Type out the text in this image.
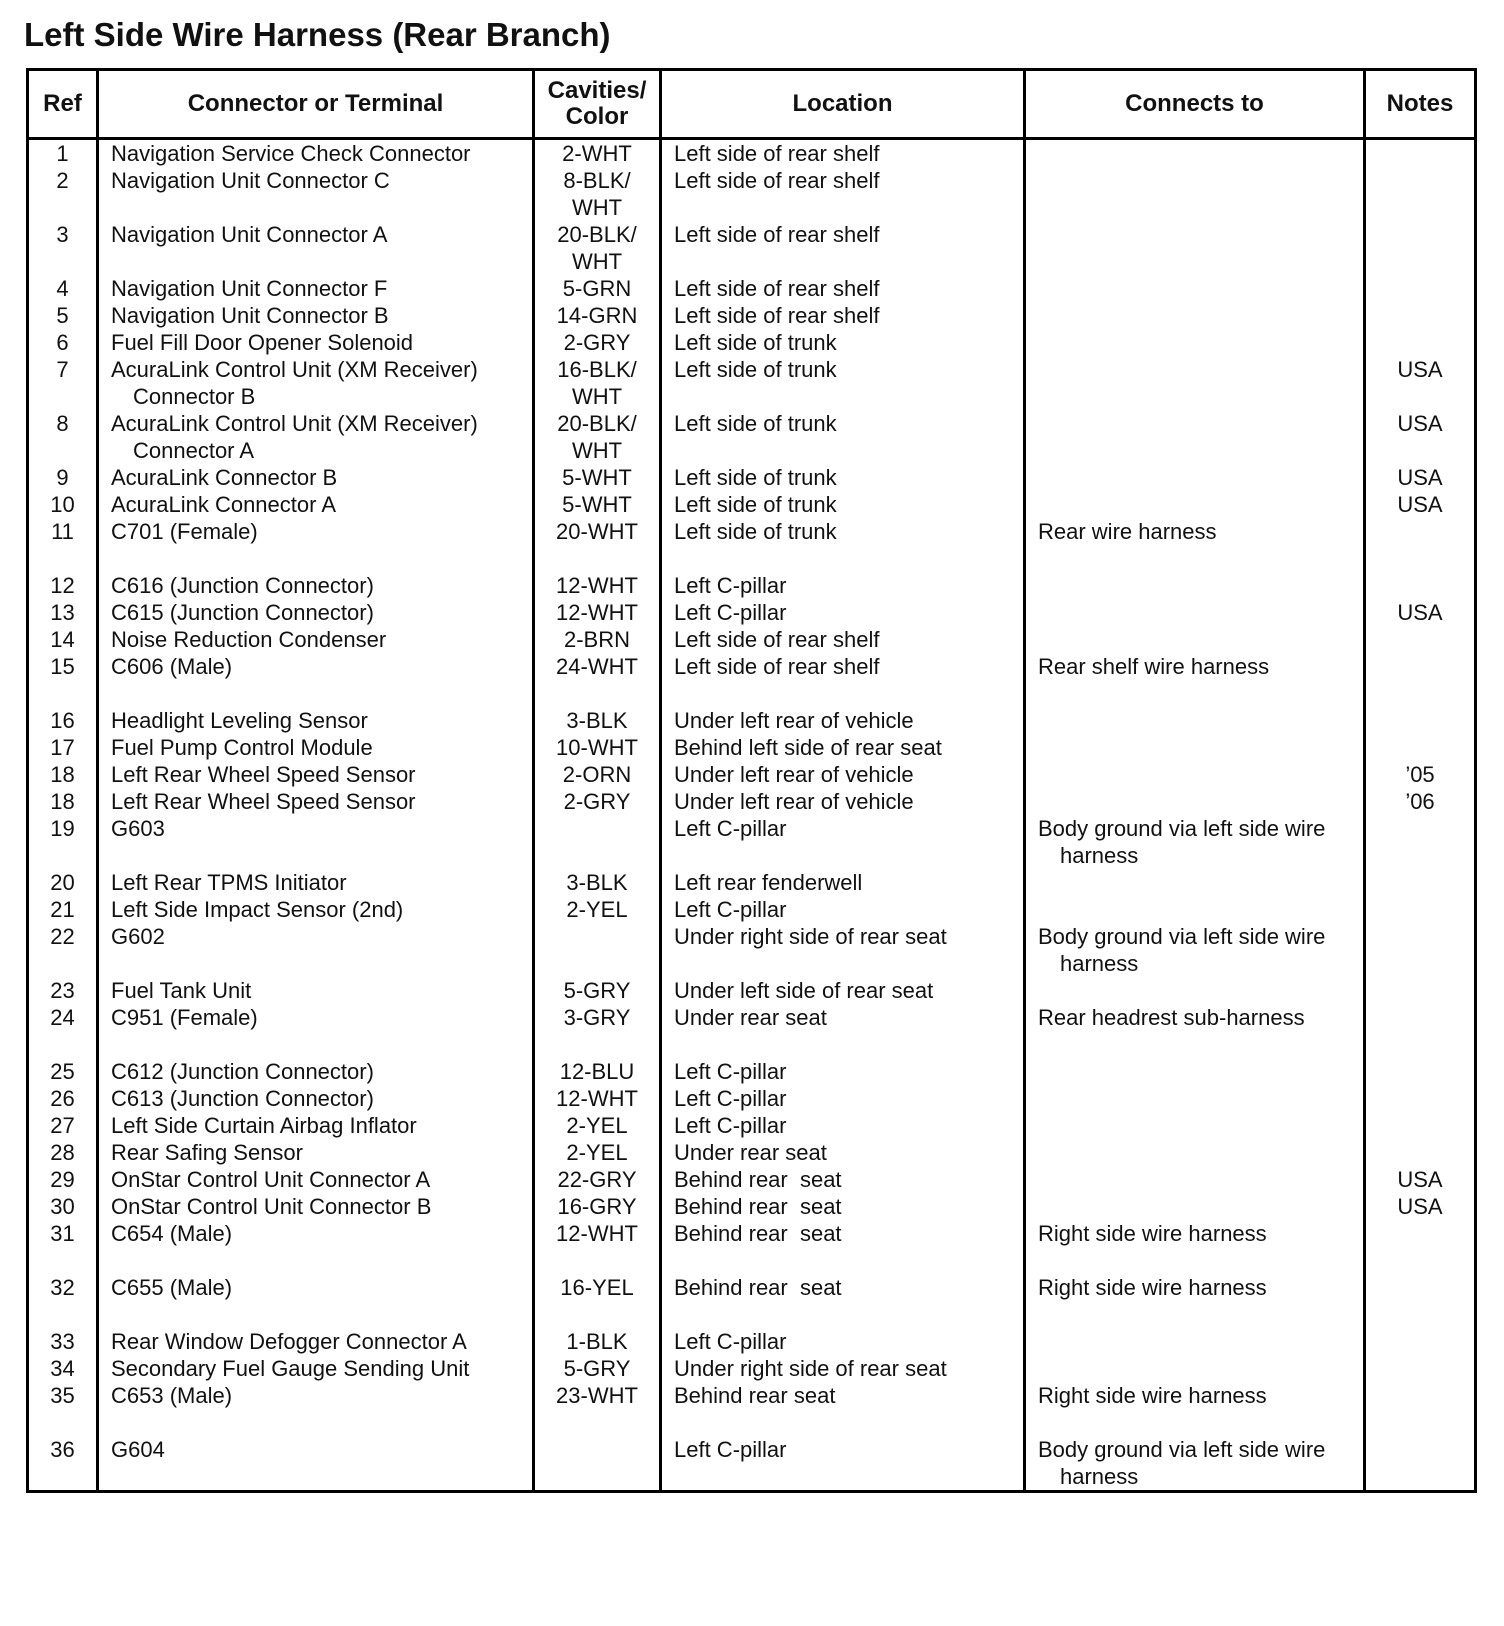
Left Side Wire Harness (Rear Branch)
Ref	Connector or Terminal	Cavities/
Color	Location	Connects to	Notes
1	Navigation Service Check Connector	2-WHT	Left side of rear shelf		
2	Navigation Unit Connector C	8-BLK/WHT	Left side of rear shelf		
3	Navigation Unit Connector A	20-BLK/WHT	Left side of rear shelf		
4	Navigation Unit Connector F	5-GRN	Left side of rear shelf		
5	Navigation Unit Connector B	14-GRN	Left side of rear shelf		
6	Fuel Fill Door Opener Solenoid	2-GRY	Left side of trunk		
7	AcuraLink Control Unit (XM Receiver)
Connector B	16-BLK/WHT	Left side of trunk		USA
8	AcuraLink Control Unit (XM Receiver)
Connector A	20-BLK/WHT	Left side of trunk		USA
9	AcuraLink Connector B	5-WHT	Left side of trunk		USA
10	AcuraLink Connector A	5-WHT	Left side of trunk		USA
11	C701 (Female)	20-WHT	Left side of trunk	Rear wire harness	

12	C616 (Junction Connector)	12-WHT	Left C-pillar		
13	C615 (Junction Connector)	12-WHT	Left C-pillar		USA
14	Noise Reduction Condenser	2-BRN	Left side of rear shelf		
15	C606 (Male)	24-WHT	Left side of rear shelf	Rear shelf wire harness	

16	Headlight Leveling Sensor	3-BLK	Under left rear of vehicle		
17	Fuel Pump Control Module	10-WHT	Behind left side of rear seat		
18	Left Rear Wheel Speed Sensor	2-ORN	Under left rear of vehicle		’05
18	Left Rear Wheel Speed Sensor	2-GRY	Under left rear of vehicle		’06
19	G603		Left C-pillar	Body ground via left side wire
harness	

20	Left Rear TPMS Initiator	3-BLK	Left rear fenderwell		
21	Left Side Impact Sensor (2nd)	2-YEL	Left C-pillar		
22	G602		Under right side of rear seat	Body ground via left side wire
harness	

23	Fuel Tank Unit	5-GRY	Under left side of rear seat		
24	C951 (Female)	3-GRY	Under rear seat	Rear headrest sub-harness	

25	C612 (Junction Connector)	12-BLU	Left C-pillar		
26	C613 (Junction Connector)	12-WHT	Left C-pillar		
27	Left Side Curtain Airbag Inflator	2-YEL	Left C-pillar		
28	Rear Safing Sensor	2-YEL	Under rear seat		
29	OnStar Control Unit Connector A	22-GRY	Behind rear  seat		USA
30	OnStar Control Unit Connector B	16-GRY	Behind rear  seat		USA
31	C654 (Male)	12-WHT	Behind rear  seat	Right side wire harness	

32	C655 (Male)	16-YEL	Behind rear  seat	Right side wire harness	

33	Rear Window Defogger Connector A	1-BLK	Left C-pillar		
34	Secondary Fuel Gauge Sending Unit	5-GRY	Under right side of rear seat		
35	C653 (Male)	23-WHT	Behind rear seat	Right side wire harness	

36	G604		Left C-pillar	Body ground via left side wire
harness	
